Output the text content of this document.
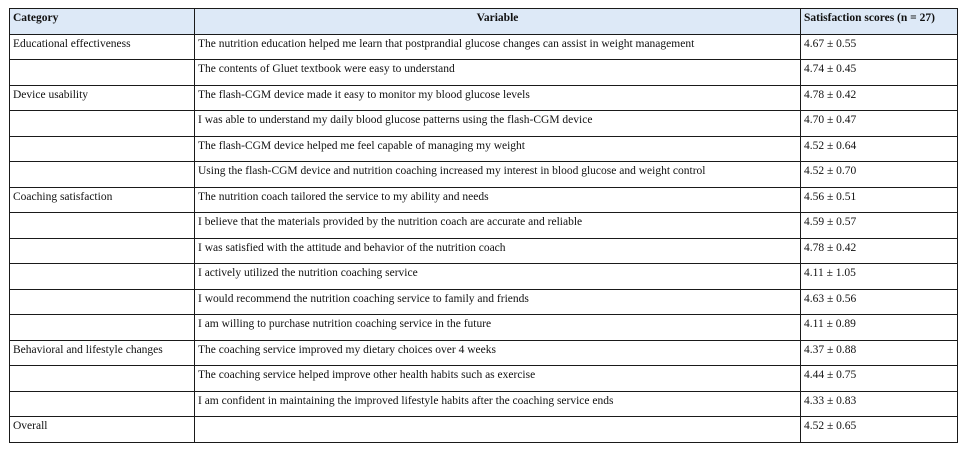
Category	Variable	Satisfaction scores (n = 27)
Educational effectiveness	The nutrition education helped me learn that postprandial glucose changes can assist in weight management	4.67 ± 0.55
	The contents of Gluet textbook were easy to understand	4.74 ± 0.45
Device usability	The flash-CGM device made it easy to monitor my blood glucose levels	4.78 ± 0.42
	I was able to understand my daily blood glucose patterns using the flash-CGM device	4.70 ± 0.47
	The flash-CGM device helped me feel capable of managing my weight	4.52 ± 0.64
	Using the flash-CGM device and nutrition coaching increased my interest in blood glucose and weight control	4.52 ± 0.70
Coaching satisfaction	The nutrition coach tailored the service to my ability and needs	4.56 ± 0.51
	I believe that the materials provided by the nutrition coach are accurate and reliable	4.59 ± 0.57
	I was satisfied with the attitude and behavior of the nutrition coach	4.78 ± 0.42
	I actively utilized the nutrition coaching service	4.11 ± 1.05
	I would recommend the nutrition coaching service to family and friends	4.63 ± 0.56
	I am willing to purchase nutrition coaching service in the future	4.11 ± 0.89
Behavioral and lifestyle changes	The coaching service improved my dietary choices over 4 weeks	4.37 ± 0.88
	The coaching service helped improve other health habits such as exercise	4.44 ± 0.75
	I am confident in maintaining the improved lifestyle habits after the coaching service ends	4.33 ± 0.83
Overall		4.52 ± 0.65
